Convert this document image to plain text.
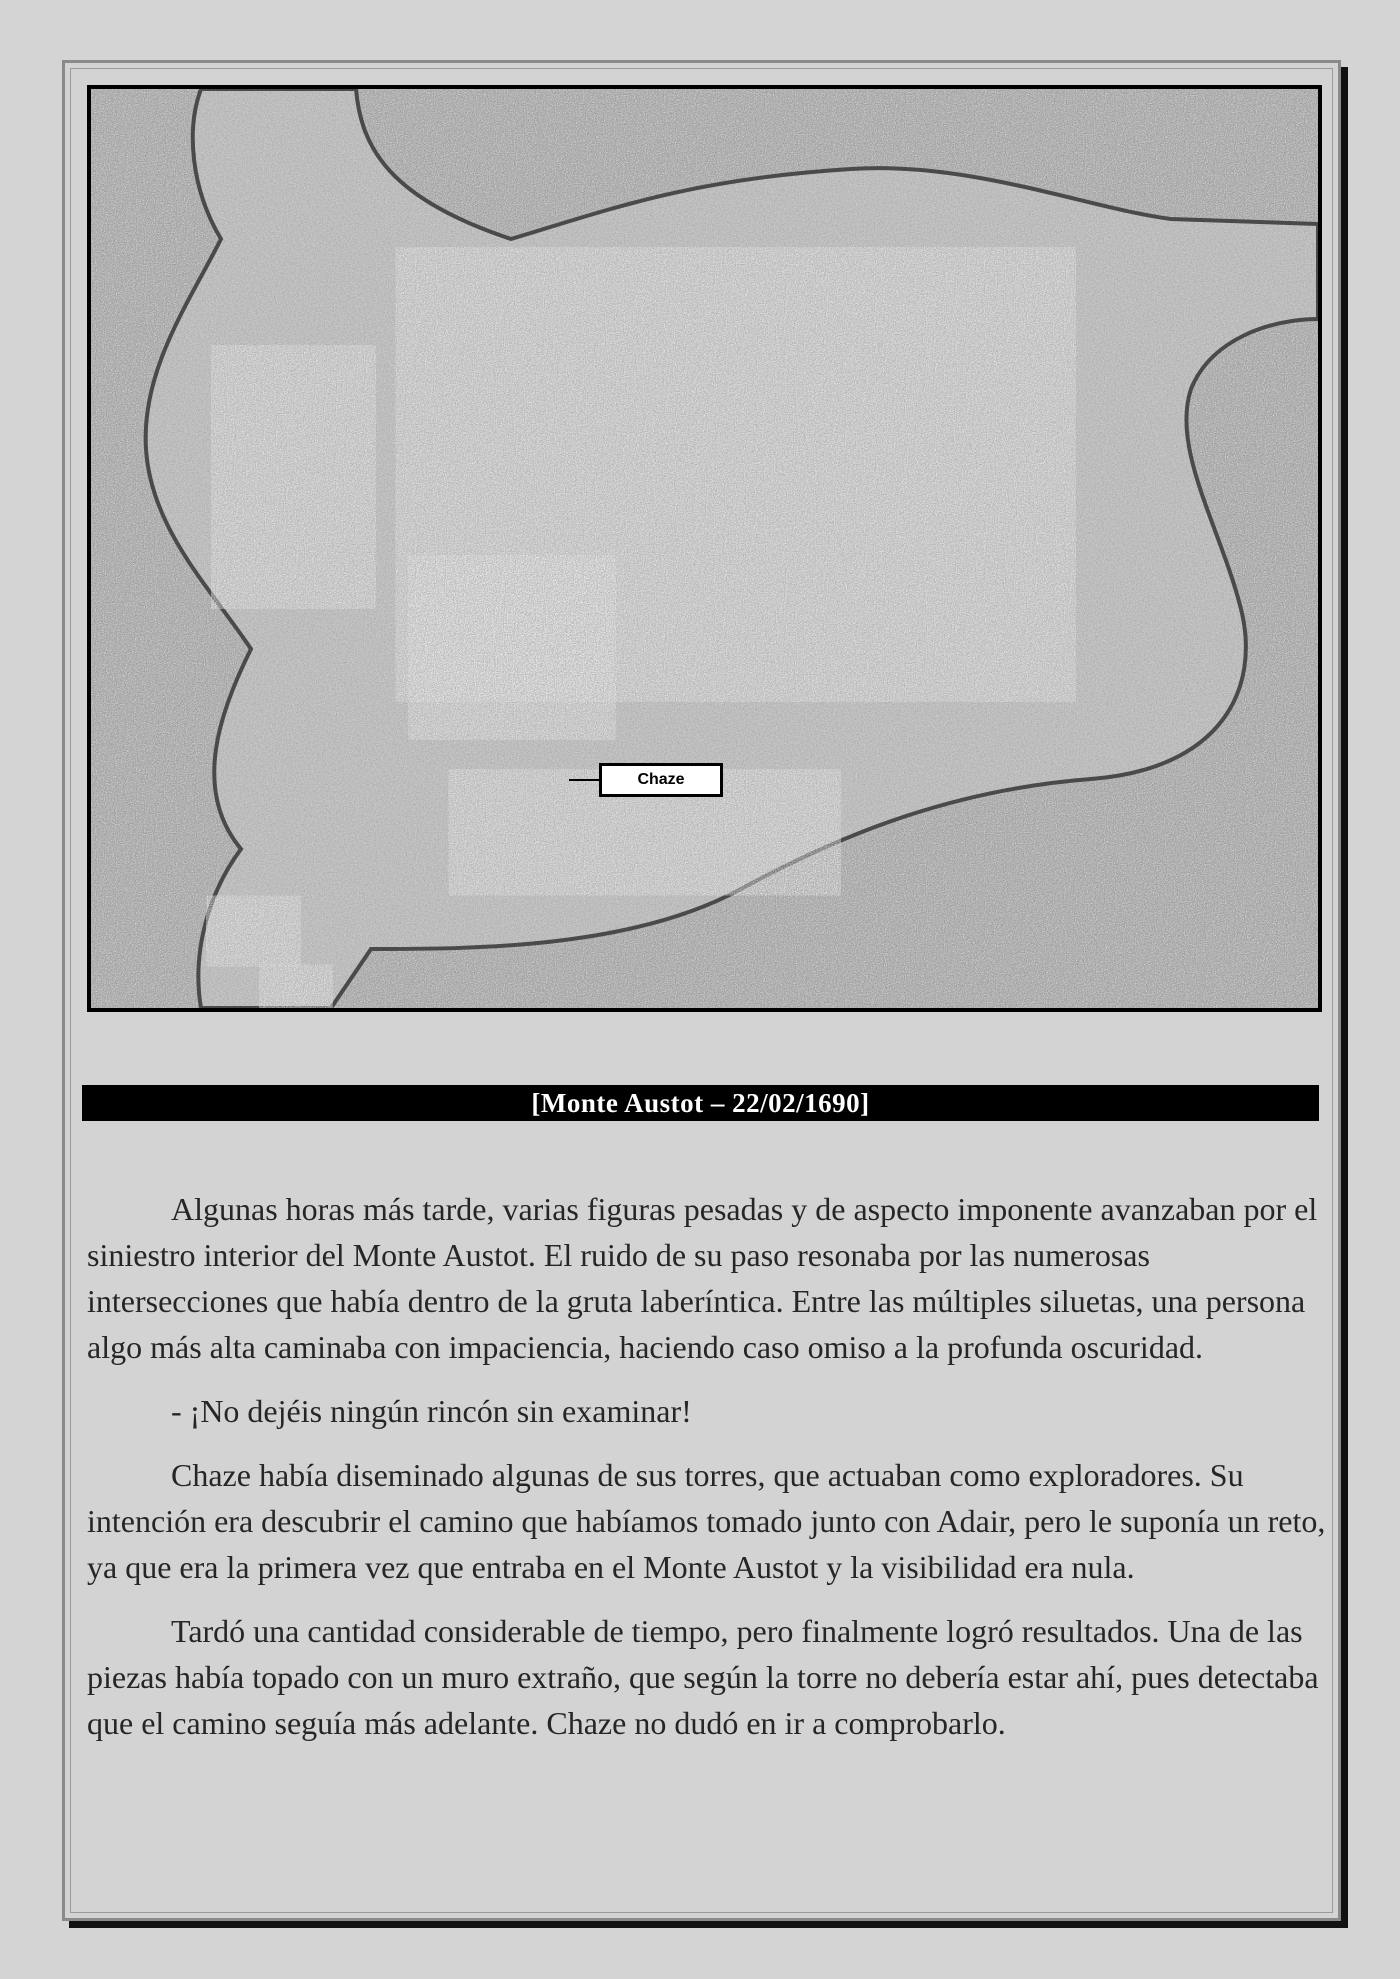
Chaze
[Monte Austot – 22/02/1690]

Algunas horas más tarde, varias figuras pesadas y de aspecto imponente avanzaban por el siniestro interior del Monte Austot. El ruido de su paso resonaba por las numerosas intersecciones que había dentro de la gruta laberíntica. Entre las múltiples siluetas, una persona algo más alta caminaba con impaciencia, haciendo caso omiso a la profunda oscuridad.

- ¡No dejéis ningún rincón sin examinar!

Chaze había diseminado algunas de sus torres, que actuaban como exploradores. Su intención era descubrir el camino que habíamos tomado junto con Adair, pero le suponía un reto, ya que era la primera vez que entraba en el Monte Austot y la visibilidad era nula.

Tardó una cantidad considerable de tiempo, pero finalmente logró resultados. Una de las piezas había topado con un muro extraño, que según la torre no debería estar ahí, pues detectaba que el camino seguía más adelante. Chaze no dudó en ir a comprobarlo.
